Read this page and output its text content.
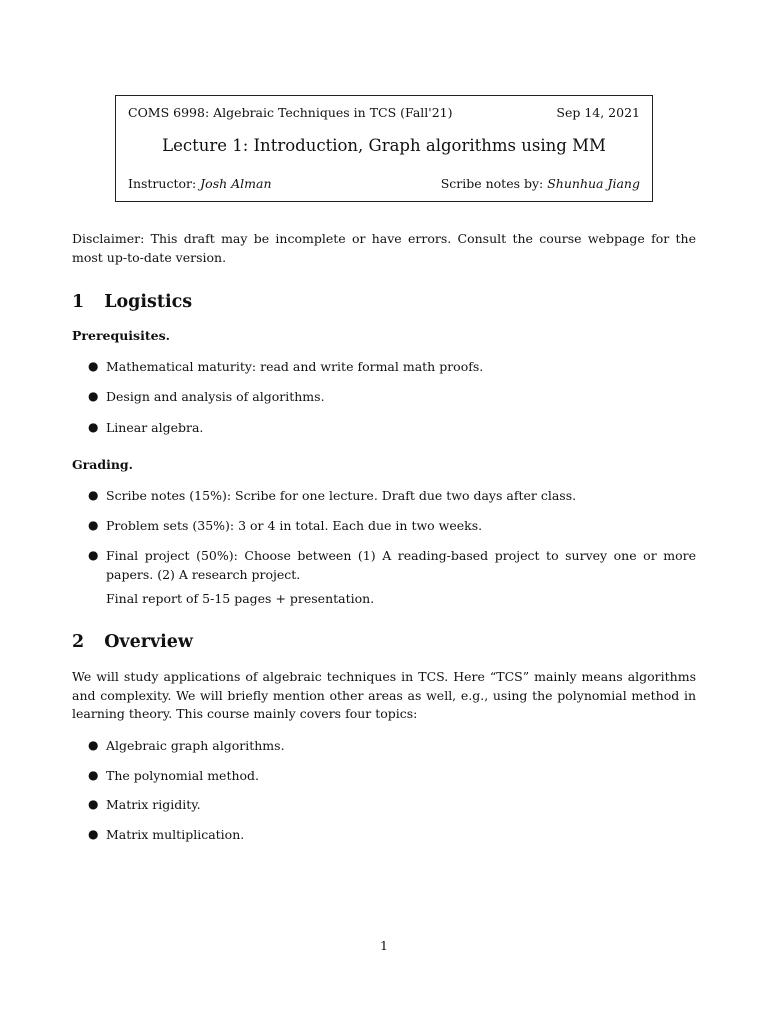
COMS 6998: Algebraic Techniques in TCS (Fall'21)	Sep 14, 2021
Lecture 1: Introduction, Graph algorithms using MM
Instructor: Josh Alman	Scribe notes by: Shunhua Jiang
Disclaimer: This draft may be incomplete or have errors. Consult the course webpage for the most up-to-date version.
1 Logistics
Prerequisites.
● Mathematical maturity: read and write formal math proofs.
● Design and analysis of algorithms.
● Linear algebra.
Grading.
● Scribe notes (15%): Scribe for one lecture. Draft due two days after class.
● Problem sets (35%): 3 or 4 in total. Each due in two weeks.
● Final project (50%): Choose between (1) A reading-based project to survey one or more papers. (2) A research project.
Final report of 5-15 pages + presentation.
2 Overview
We will study applications of algebraic techniques in TCS. Here “TCS” mainly means algorithms and complexity. We will briefly mention other areas as well, e.g., using the polynomial method in learning theory. This course mainly covers four topics:
● Algebraic graph algorithms.
● The polynomial method.
● Matrix rigidity.
● Matrix multiplication.
1
